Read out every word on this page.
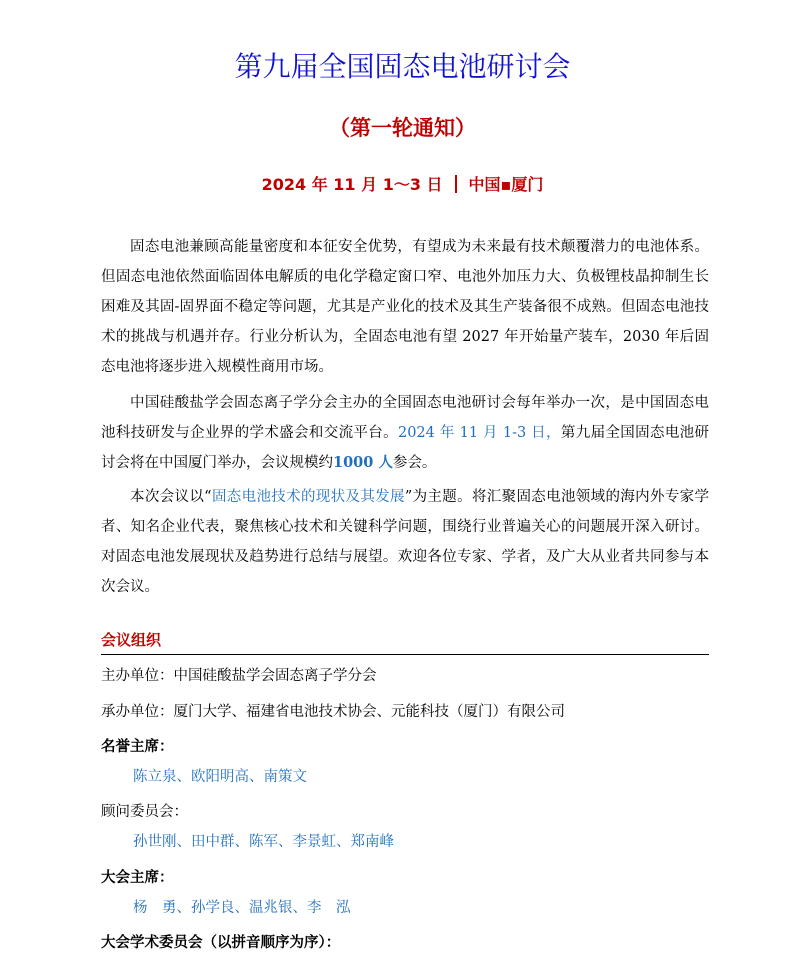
第九届全国固态电池研讨会
（第一轮通知）
2024 年 11 月 1～3 日 中国▪厦门

固态电池兼顾高能量密度和本征安全优势，有望成为未来最有技术颠覆潜力的电池体系。但固态电池依然面临固体电解质的电化学稳定窗口窄、电池外加压力大、负极锂枝晶抑制生长困难及其固-固界面不稳定等问题，尤其是产业化的技术及其生产装备很不成熟。但固态电池技术的挑战与机遇并存。行业分析认为，全固态电池有望 2027 年开始量产装车，2030 年后固态电池将逐步进入规模性商用市场。

中国硅酸盐学会固态离子学分会主办的全国固态电池研讨会每年举办一次，是中国固态电池科技研发与企业界的学术盛会和交流平台。2024 年 11 月 1-3 日，第九届全国固态电池研讨会将在中国厦门举办，会议规模约1000 人参会。

本次会议以“固态电池技术的现状及其发展”为主题。将汇聚固态电池领域的海内外专家学者、知名企业代表，聚焦核心技术和关键科学问题，围绕行业普遍关心的问题展开深入研讨。对固态电池发展现状及趋势进行总结与展望。欢迎各位专家、学者，及广大从业者共同参与本次会议。

会议组织
主办单位：中国硅酸盐学会固态离子学分会
承办单位：厦门大学、福建省电池技术协会、元能科技（厦门）有限公司
名誉主席：
陈立泉、欧阳明高、南策文
顾问委员会：
孙世刚、田中群、陈军、李景虹、郑南峰
大会主席：
杨　勇、孙学良、温兆银、李　泓
大会学术委员会（以拼音顺序为序）：
